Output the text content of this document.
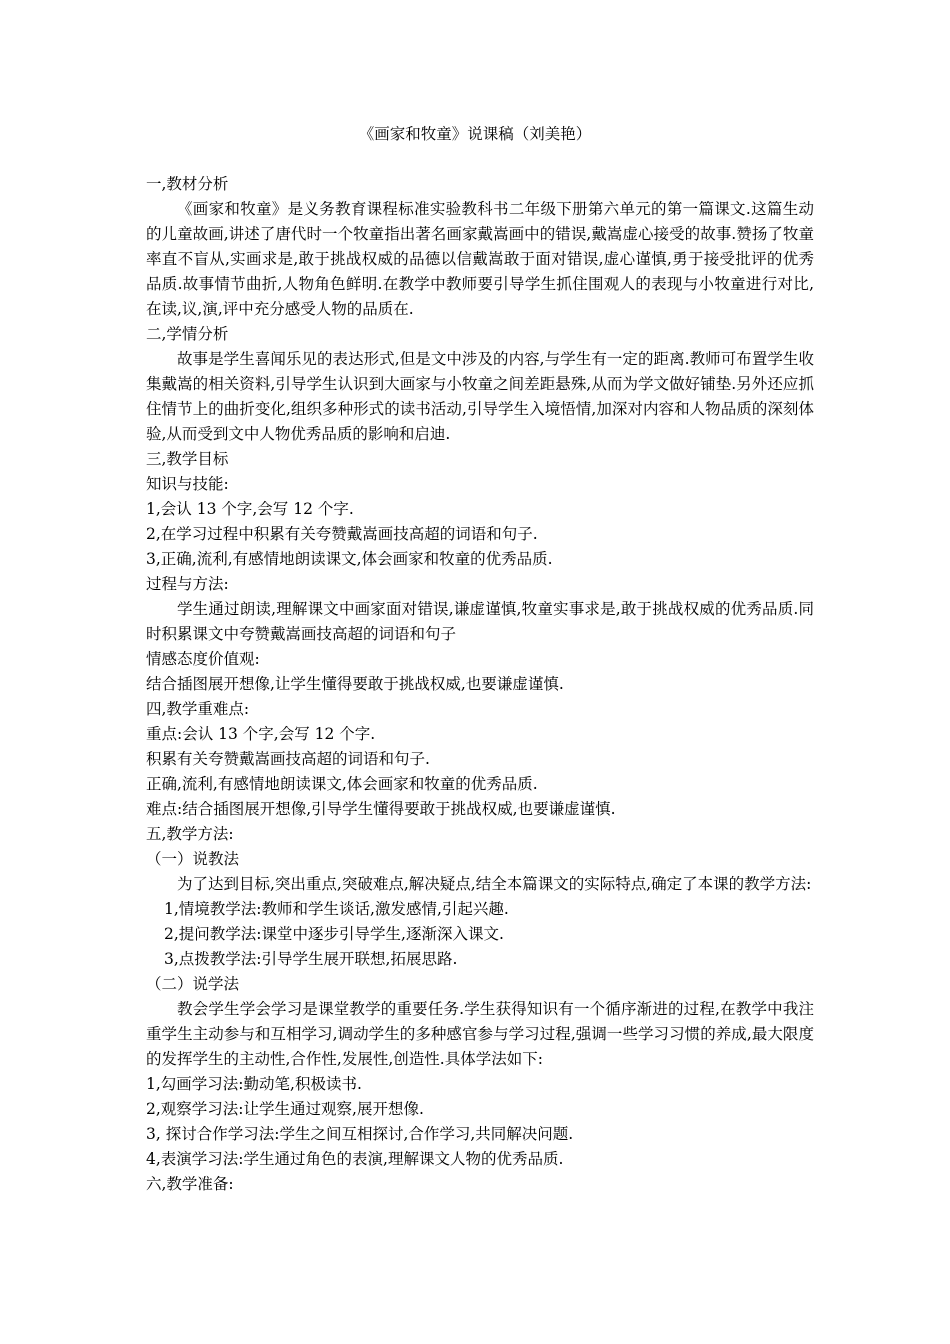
《画家和牧童》说课稿（刘美艳）

一,教材分析

《画家和牧童》是义务教育课程标准实验教科书二年级下册第六单元的第一篇课文.这篇生动的儿童故画,讲述了唐代时一个牧童指出著名画家戴嵩画中的错误,戴嵩虚心接受的故事.赞扬了牧童率直不盲从,实画求是,敢于挑战权威的品德以信戴嵩敢于面对错误,虚心谨慎,勇于接受批评的优秀品质.故事情节曲折,人物角色鲜明.在教学中教师要引导学生抓住围观人的表现与小牧童进行对比,在读,议,演,评中充分感受人物的品质在.

二,学情分析

故事是学生喜闻乐见的表达形式,但是文中涉及的内容,与学生有一定的距离.教师可布置学生收集戴嵩的相关资料,引导学生认识到大画家与小牧童之间差距悬殊,从而为学文做好铺垫.另外还应抓住情节上的曲折变化,组织多种形式的读书活动,引导学生入境悟情,加深对内容和人物品质的深刻体验,从而受到文中人物优秀品质的影响和启迪.

三,教学目标

知识与技能:

1,会认 13 个字,会写 12 个字.

2,在学习过程中积累有关夸赞戴嵩画技高超的词语和句子.

3,正确,流利,有感情地朗读课文,体会画家和牧童的优秀品质.

过程与方法:

学生通过朗读,理解课文中画家面对错误,谦虚谨慎,牧童实事求是,敢于挑战权威的优秀品质.同时积累课文中夸赞戴嵩画技高超的词语和句子

情感态度价值观:

结合插图展开想像,让学生懂得要敢于挑战权威,也要谦虚谨慎.

四,教学重难点:

重点:会认 13 个字,会写 12 个字.

积累有关夸赞戴嵩画技高超的词语和句子.

正确,流利,有感情地朗读课文,体会画家和牧童的优秀品质.

难点:结合插图展开想像,引导学生懂得要敢于挑战权威,也要谦虚谨慎.

五,教学方法:

（一）说教法

为了达到目标,突出重点,突破难点,解决疑点,结全本篇课文的实际特点,确定了本课的教学方法:

1,情境教学法:教师和学生谈话,激发感情,引起兴趣.

2,提问教学法:课堂中逐步引导学生,逐渐深入课文.

3,点拨教学法:引导学生展开联想,拓展思路.

（二）说学法

教会学生学会学习是课堂教学的重要任务.学生获得知识有一个循序渐进的过程,在教学中我注重学生主动参与和互相学习,调动学生的多种感官参与学习过程,强调一些学习习惯的养成,最大限度的发挥学生的主动性,合作性,发展性,创造性.具体学法如下:

1,勾画学习法:勤动笔,积极读书.

2,观察学习法:让学生通过观察,展开想像.

3, 探讨合作学习法:学生之间互相探讨,合作学习,共同解决问题.

4,表演学习法:学生通过角色的表演,理解课文人物的优秀品质.

六,教学准备:
